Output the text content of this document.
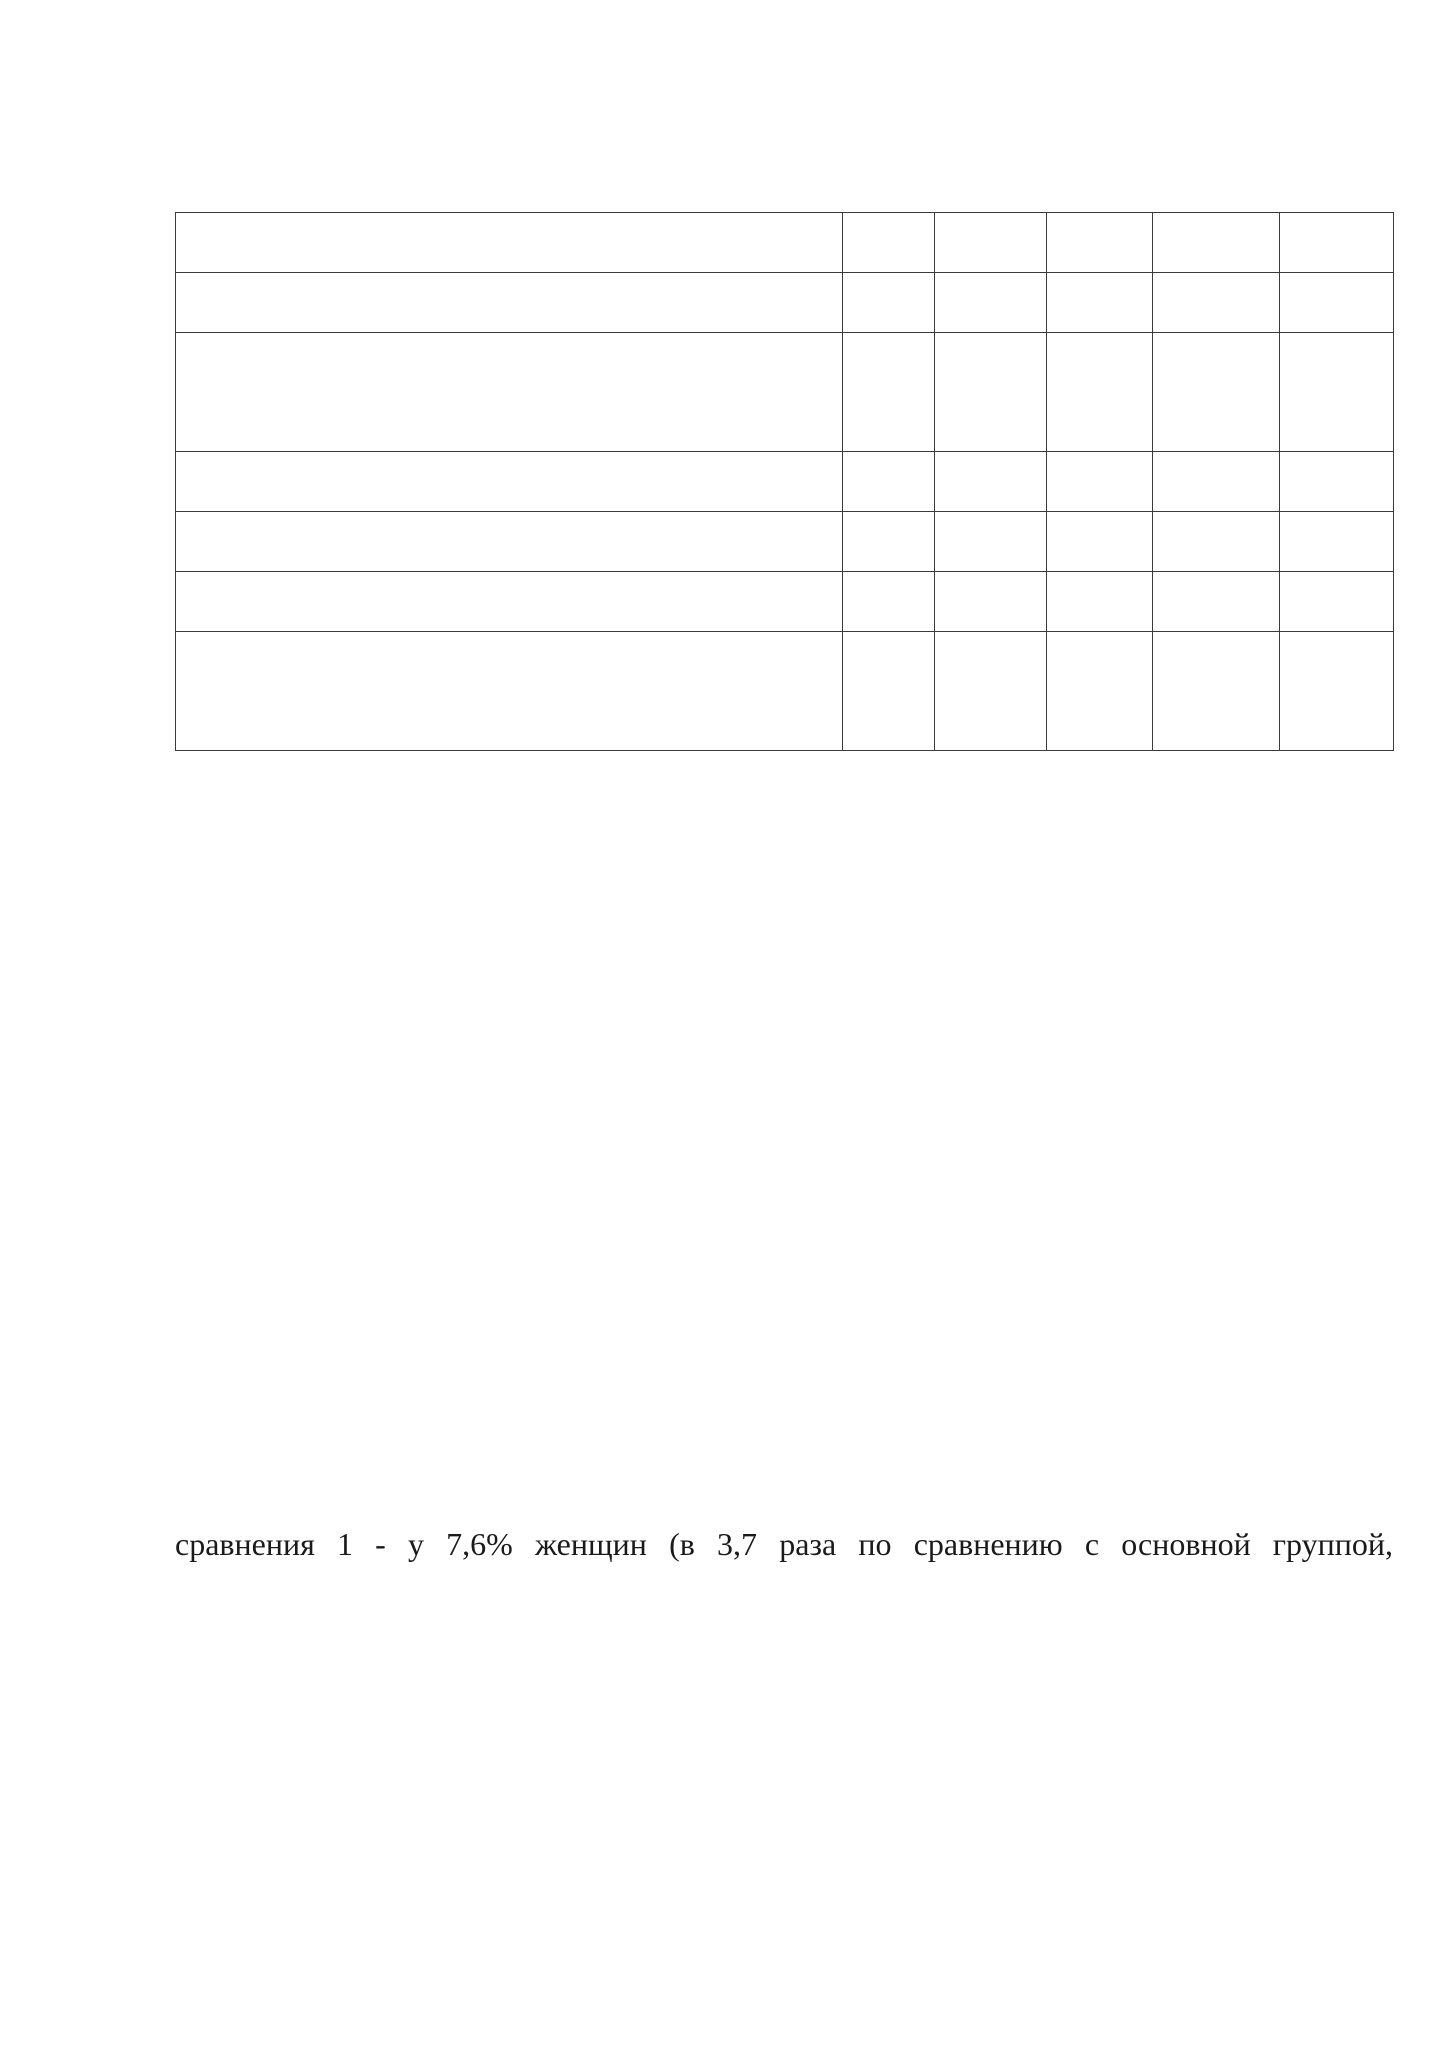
сравнения 1 - у 7,6% женщин (в 3,7 раза по сравнению с основной группой,
